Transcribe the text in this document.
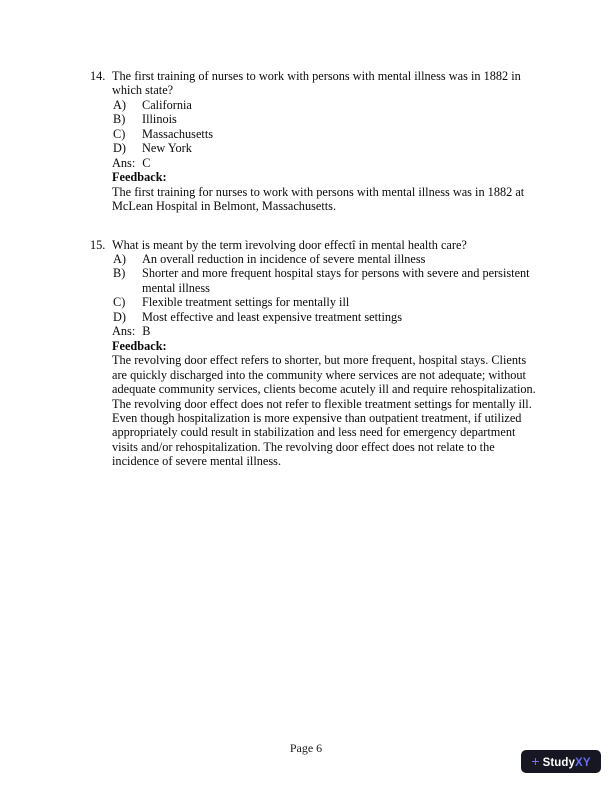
14. The first training of nurses to work with persons with mental illness was in 1882 in which state?
A)	California
B)	Illinois
C)	Massachusetts
D)	New York
Ans: C
Feedback:
The first training for nurses to work with persons with mental illness was in 1882 at McLean Hospital in Belmont, Massachusetts.
15. What is meant by the term ìrevolving door effectî in mental health care?
A)	An overall reduction in incidence of severe mental illness
B)	Shorter and more frequent hospital stays for persons with severe and persistent mental illness
C)	Flexible treatment settings for mentally ill
D)	Most effective and least expensive treatment settings
Ans: B
Feedback:
The revolving door effect refers to shorter, but more frequent, hospital stays. Clients are quickly discharged into the community where services are not adequate; without adequate community services, clients become acutely ill and require rehospitalization. The revolving door effect does not refer to flexible treatment settings for mentally ill. Even though hospitalization is more expensive than outpatient treatment, if utilized appropriately could result in stabilization and less need for emergency department visits and/or rehospitalization. The revolving door effect does not relate to the incidence of severe mental illness.
Page 6
+ StudyXY
